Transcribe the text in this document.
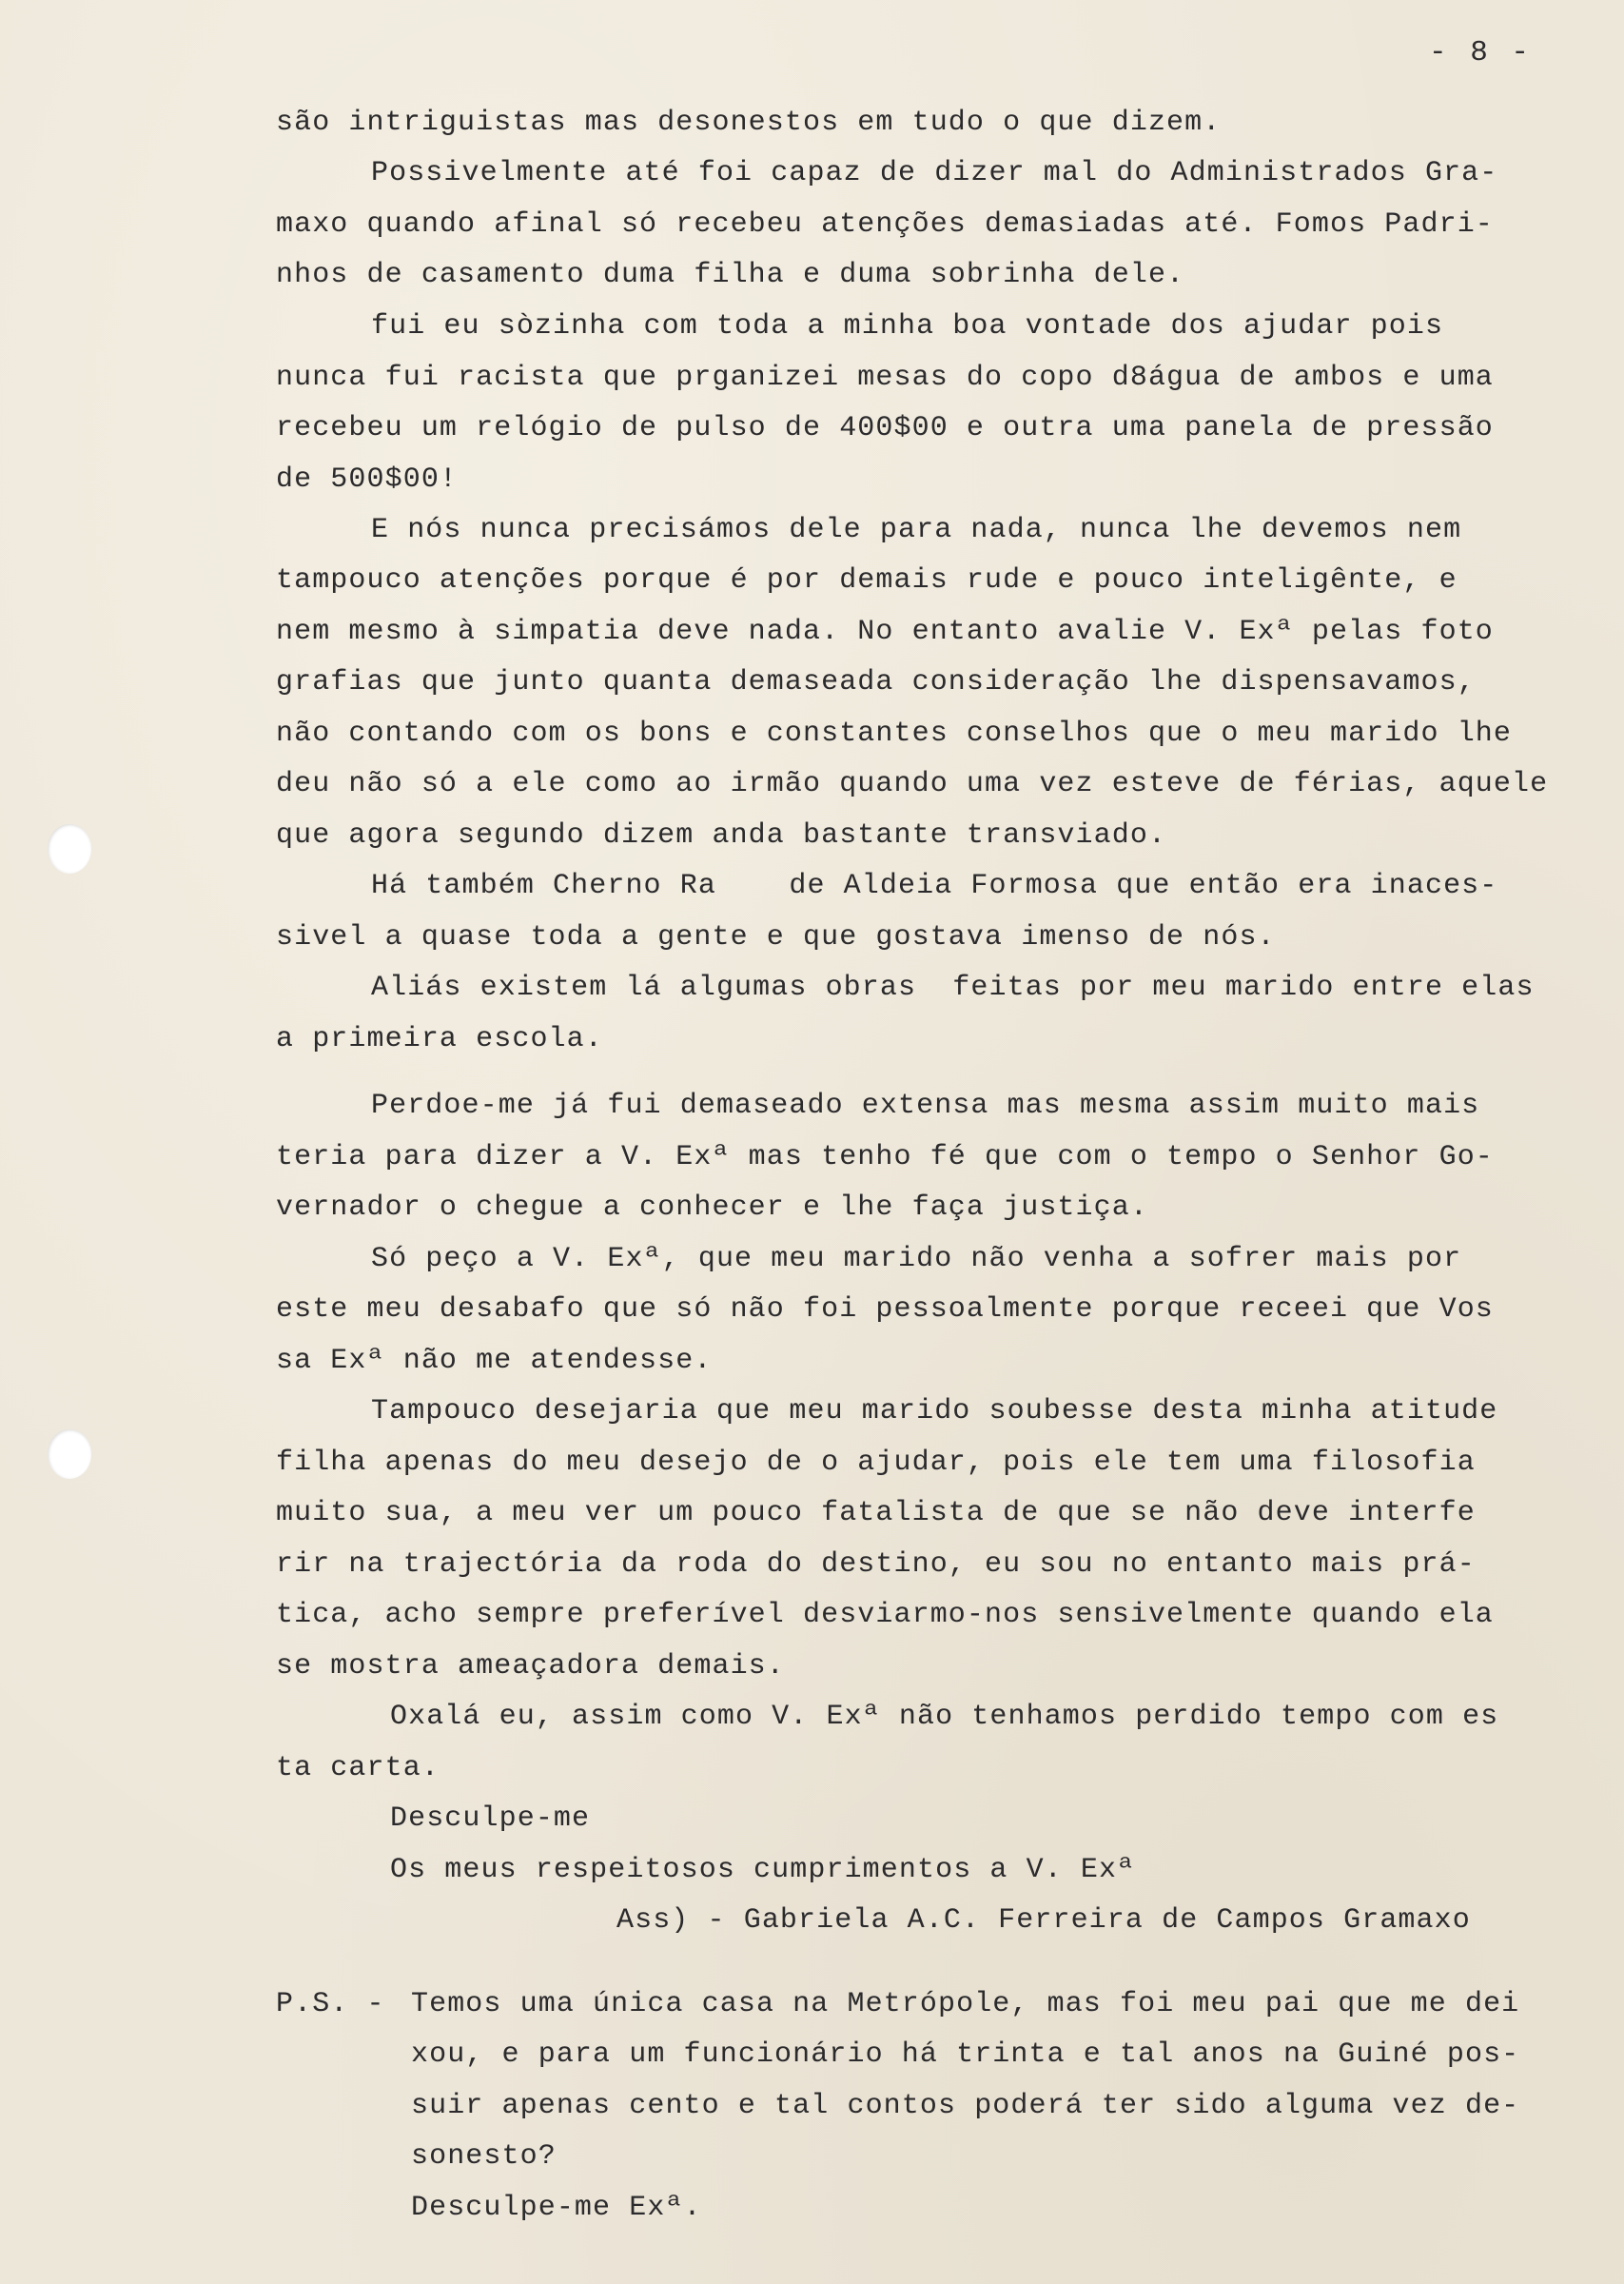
- 8 -

são intriguistas mas desonestos em tudo o que dizem.

Possivelmente até foi capaz de dizer mal do Administrados Gra-

maxo quando afinal só recebeu atenções demasiadas até. Fomos Padri-

nhos de casamento duma filha e duma sobrinha dele.

fui eu sòzinha com toda a minha boa vontade dos ajudar pois

nunca fui racista que prganizei mesas do copo d8água de ambos e uma

recebeu um relógio de pulso de 400$00 e outra uma panela de pressão

de 500$00!

E nós nunca precisámos dele para nada, nunca lhe devemos nem

tampouco atenções porque é por demais rude e pouco inteligênte, e

nem mesmo à simpatia deve nada. No entanto avalie V. Exª pelas foto

grafias que junto quanta demaseada consideração lhe dispensavamos,

não contando com os bons e constantes conselhos que o meu marido lhe

deu não só a ele como ao irmão quando uma vez esteve de férias, aquele

que agora segundo dizem anda bastante transviado.

Há também Cherno Ra    de Aldeia Formosa que então era inaces-

sivel a quase toda a gente e que gostava imenso de nós.

Aliás existem lá algumas obras  feitas por meu marido entre elas

a primeira escola.

Perdoe-me já fui demaseado extensa mas mesma assim muito mais

teria para dizer a V. Exª mas tenho fé que com o tempo o Senhor Go-

vernador o chegue a conhecer e lhe faça justiça.

Só peço a V. Exª, que meu marido não venha a sofrer mais por

este meu desabafo que só não foi pessoalmente porque receei que Vos

sa Exª não me atendesse.

Tampouco desejaria que meu marido soubesse desta minha atitude

filha apenas do meu desejo de o ajudar, pois ele tem uma filosofia

muito sua, a meu ver um pouco fatalista de que se não deve interfe

rir na trajectória da roda do destino, eu sou no entanto mais prá-

tica, acho sempre preferível desviarmo-nos sensivelmente quando ela

se mostra ameaçadora demais.

Oxalá eu, assim como V. Exª não tenhamos perdido tempo com es

ta carta.

Desculpe-me

Os meus respeitosos cumprimentos a V. Exª

Ass) - Gabriela A.C. Ferreira de Campos Gramaxo

P.S. - Temos uma única casa na Metrópole, mas foi meu pai que me dei

xou, e para um funcionário há trinta e tal anos na Guiné pos-

suir apenas cento e tal contos poderá ter sido alguma vez de-

sonesto?

Desculpe-me Exª.
